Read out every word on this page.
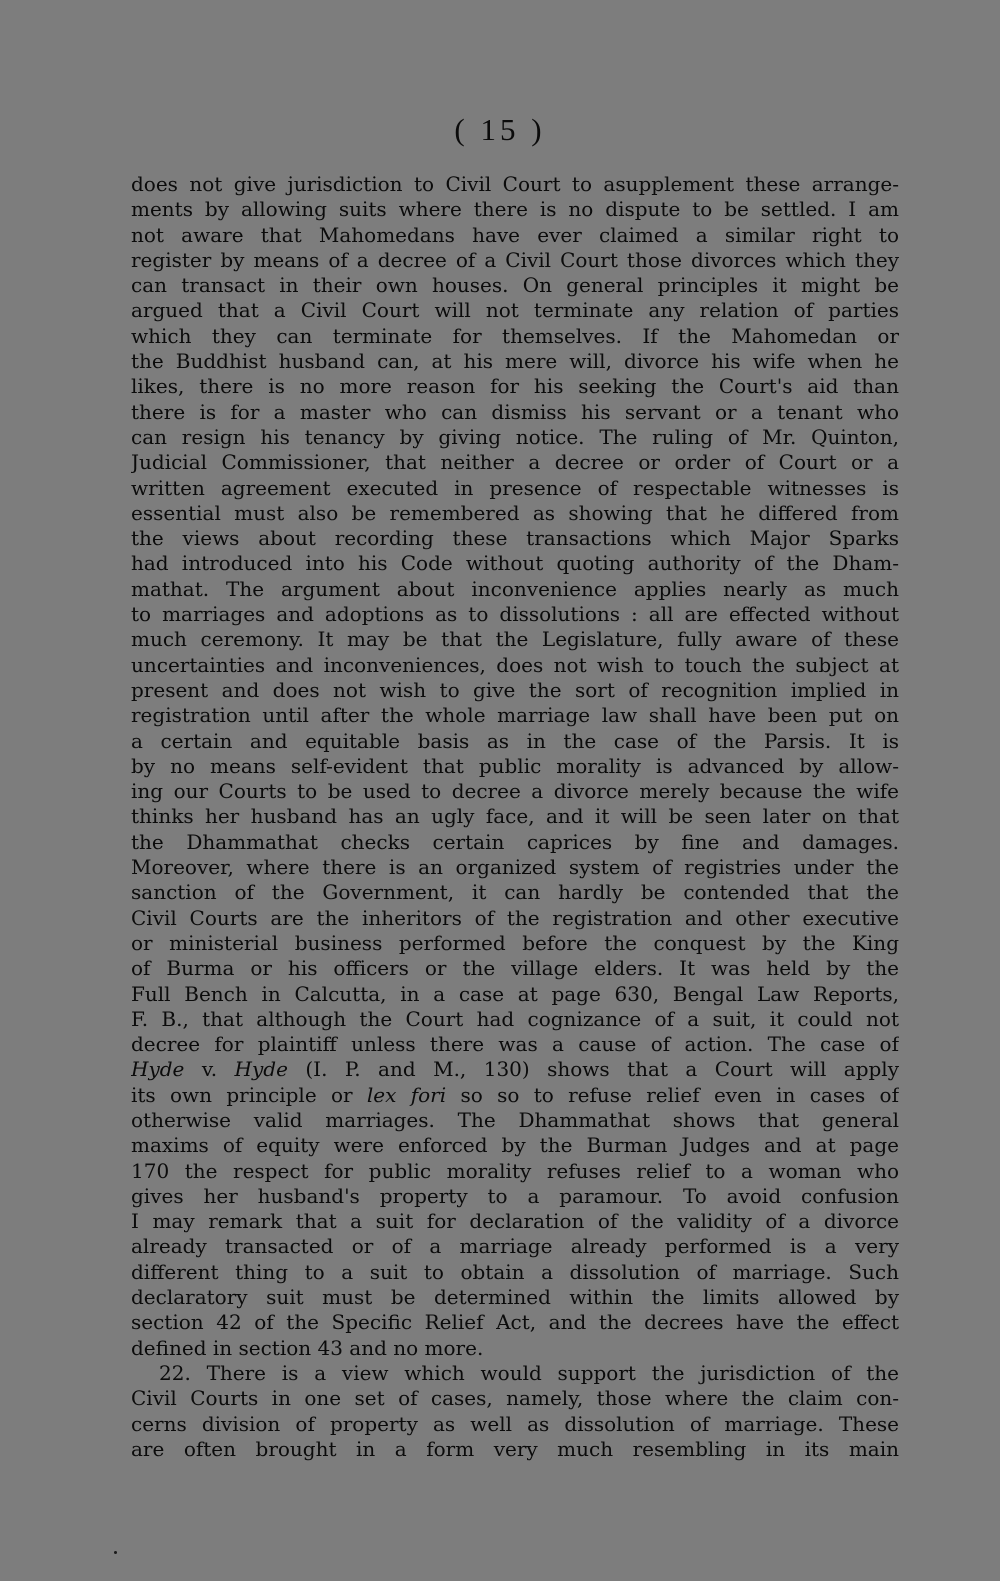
( 15 )
does not give jurisdiction to Civil Court to asupplement these arrange-
ments by allowing suits where there is no dispute to be settled. I am
not aware that Mahomedans have ever claimed a similar right to
register by means of a decree of a Civil Court those divorces which they
can transact in their own houses. On general principles it might be
argued that a Civil Court will not terminate any relation of parties
which they can terminate for themselves. If the Mahomedan or
the Buddhist husband can, at his mere will, divorce his wife when he
likes, there is no more reason for his seeking the Court's aid than
there is for a master who can dismiss his servant or a tenant who
can resign his tenancy by giving notice. The ruling of Mr. Quinton,
Judicial Commissioner, that neither a decree or order of Court or a
written agreement executed in presence of respectable witnesses is
essential must also be remembered as showing that he differed from
the views about recording these transactions which Major Sparks
had introduced into his Code without quoting authority of the Dham-
mathat. The argument about inconvenience applies nearly as much
to marriages and adoptions as to dissolutions : all are effected without
much ceremony. It may be that the Legislature, fully aware of these
uncertainties and inconveniences, does not wish to touch the subject at
present and does not wish to give the sort of recognition implied in
registration until after the whole marriage law shall have been put on
a certain and equitable basis as in the case of the Parsis. It is
by no means self-evident that public morality is advanced by allow-
ing our Courts to be used to decree a divorce merely because the wife
thinks her husband has an ugly face, and it will be seen later on that
the Dhammathat checks certain caprices by fine and damages.
Moreover, where there is an organized system of registries under the
sanction of the Government, it can hardly be contended that the
Civil Courts are the inheritors of the registration and other executive
or ministerial business performed before the conquest by the King
of Burma or his officers or the village elders. It was held by the
Full Bench in Calcutta, in a case at page 630, Bengal Law Reports,
F. B., that although the Court had cognizance of a suit, it could not
decree for plaintiff unless there was a cause of action. The case of
Hyde v. Hyde (I. P. and M., 130) shows that a Court will apply
its own principle or lex fori so so to refuse relief even in cases of
otherwise valid marriages. The Dhammathat shows that general
maxims of equity were enforced by the Burman Judges and at page
170 the respect for public morality refuses relief to a woman who
gives her husband's property to a paramour. To avoid confusion
I may remark that a suit for declaration of the validity of a divorce
already transacted or of a marriage already performed is a very
different thing to a suit to obtain a dissolution of marriage. Such
declaratory suit must be determined within the limits allowed by
section 42 of the Specific Relief Act, and the decrees have the effect
defined in section 43 and no more.
22. There is a view which would support the jurisdiction of the
Civil Courts in one set of cases, namely, those where the claim con-
cerns division of property as well as dissolution of marriage. These
are often brought in a form very much resembling in its main
